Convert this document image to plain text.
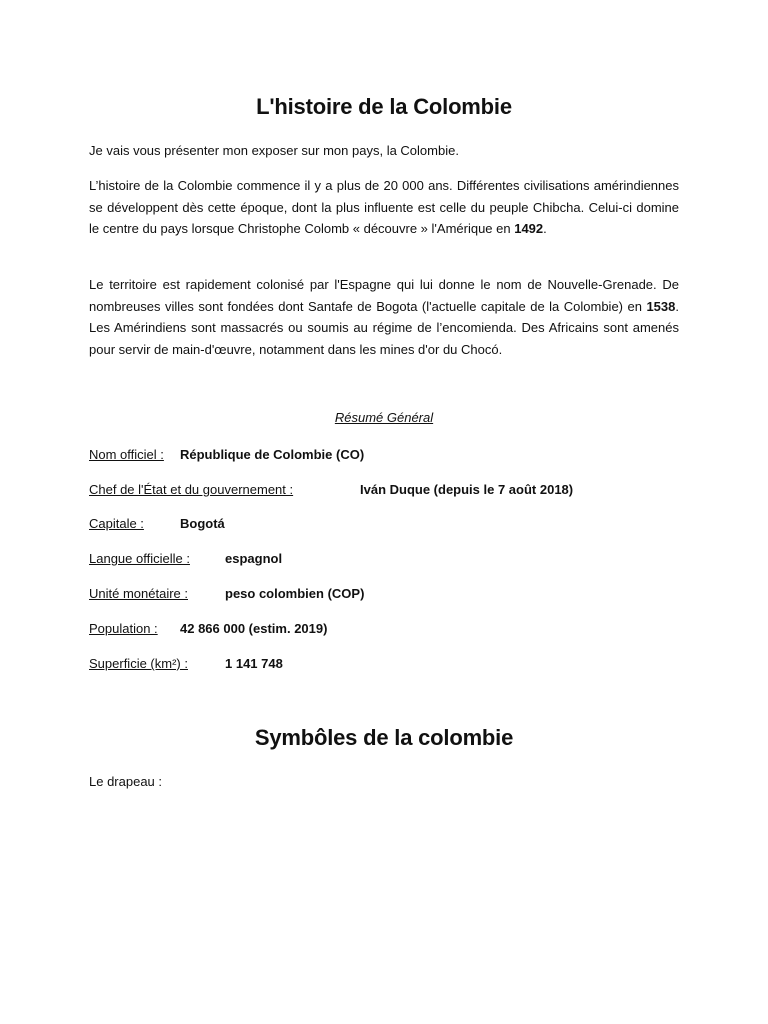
L'histoire de la Colombie

Je vais vous présenter mon exposer sur mon pays, la Colombie.

L’histoire de la Colombie commence il y a plus de 20 000 ans. Différentes civilisations amérindiennes se développent dès cette époque, dont la plus influente est celle du peuple Chibcha. Celui-ci domine le centre du pays lorsque Christophe Colomb « découvre » l'Amérique en 1492.

Le territoire est rapidement colonisé par l'Espagne qui lui donne le nom de Nouvelle-Grenade. De nombreuses villes sont fondées dont Santafe de Bogota (l'actuelle capitale de la Colombie) en 1538. Les Amérindiens sont massacrés ou soumis au régime de l’encomienda. Des Africains sont amenés pour servir de main-d'œuvre, notamment dans les mines d'or du Chocó.

Résumé Général

Nom officiel : République de Colombie (CO)
Chef de l'État et du gouvernement :	Iván Duque (depuis le 7 août 2018)
Capitale :	Bogotá
Langue officielle :	espagnol
Unité monétaire :	peso colombien (COP)
Population : 42 866 000 (estim. 2019)
Superficie (km²) :	1 141 748
Symbôles de la colombie

Le drapeau :
